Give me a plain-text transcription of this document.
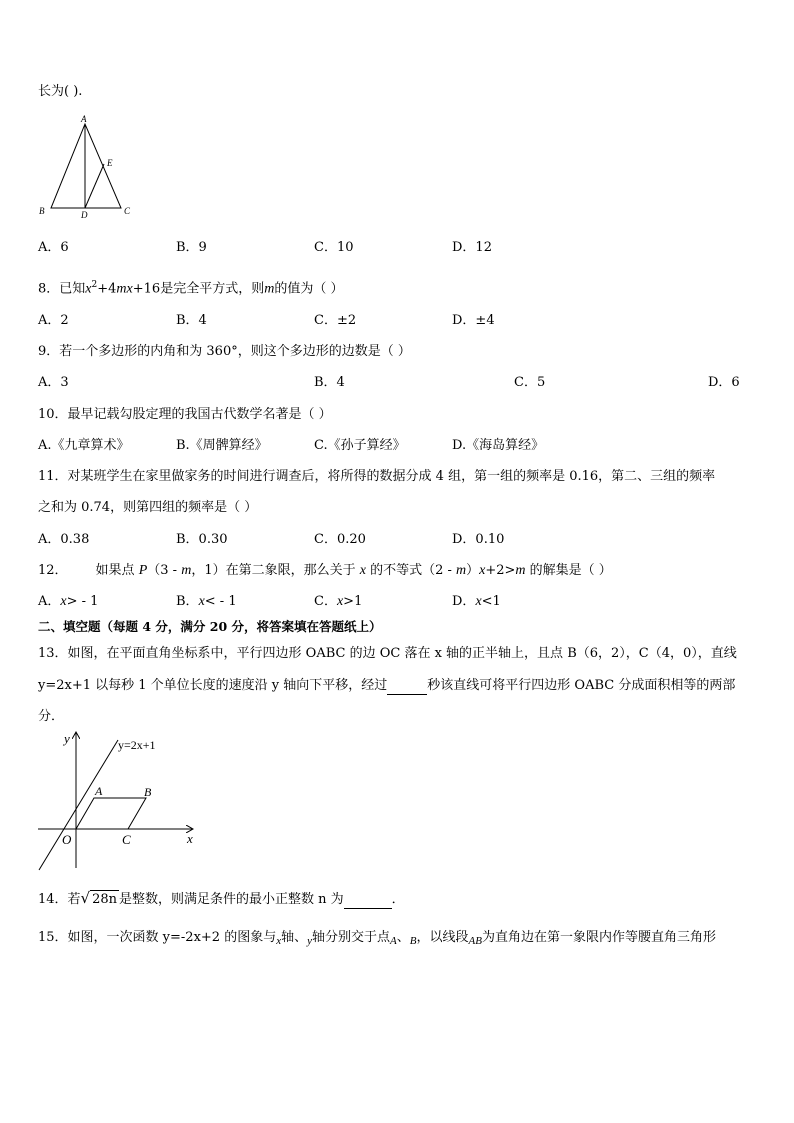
长为( ).
A
E
B	D	C
A．6	B．9	C．10	D．12
8．已知$x^2+4mx+16$是完全平方式，则m的值为（ ）
A．2	B．4	C．±2	D．±4
9．若一个多边形的内角和为 360°，则这个多边形的边数是（ ）
A．3	B．4	C．5	D．6
10．最早记载勾股定理的我国古代数学名著是（ ）
A.《九章算术》	B.《周髀算经》	C.《孙子算经》	D.《海岛算经》
11．对某班学生在家里做家务的时间进行调查后，将所得的数据分成 4 组，第一组的频率是 0.16，第二、三组的频率
之和为 0.74，则第四组的频率是（ ）
A．0.38	B．0.30	C．0.20	D．0.10
12． 如果点 P（3 - m，1）在第二象限，那么关于 x 的不等式（2 - m）x+2>m 的解集是（ ）
A．x> - 1	B．x< - 1	C．x>1	D．x<1
二、填空题（每题 4 分，满分 20 分，将答案填在答题纸上）
13．如图，在平面直角坐标系中，平行四边形 OABC 的边 OC 落在 x 轴的正半轴上，且点 B（6，2），C（4，0），直线
y=2x+1 以每秒 1 个单位长度的速度沿 y 轴向下平移，经过	秒该直线可将平行四边形 OABC 分成面积相等的两部
分．
y
x
O
A	B
C
y=2x+1
14．若√ 28n 是整数，则满足条件的最小正整数 n 为	．
15．如图，一次函数 y=-2x+2 的图象与$_x$轴、$_y$轴分别交于点$_A$、$_B$，以线段$_{AB}$为直角边在第一象限内作等腰直角三角形
